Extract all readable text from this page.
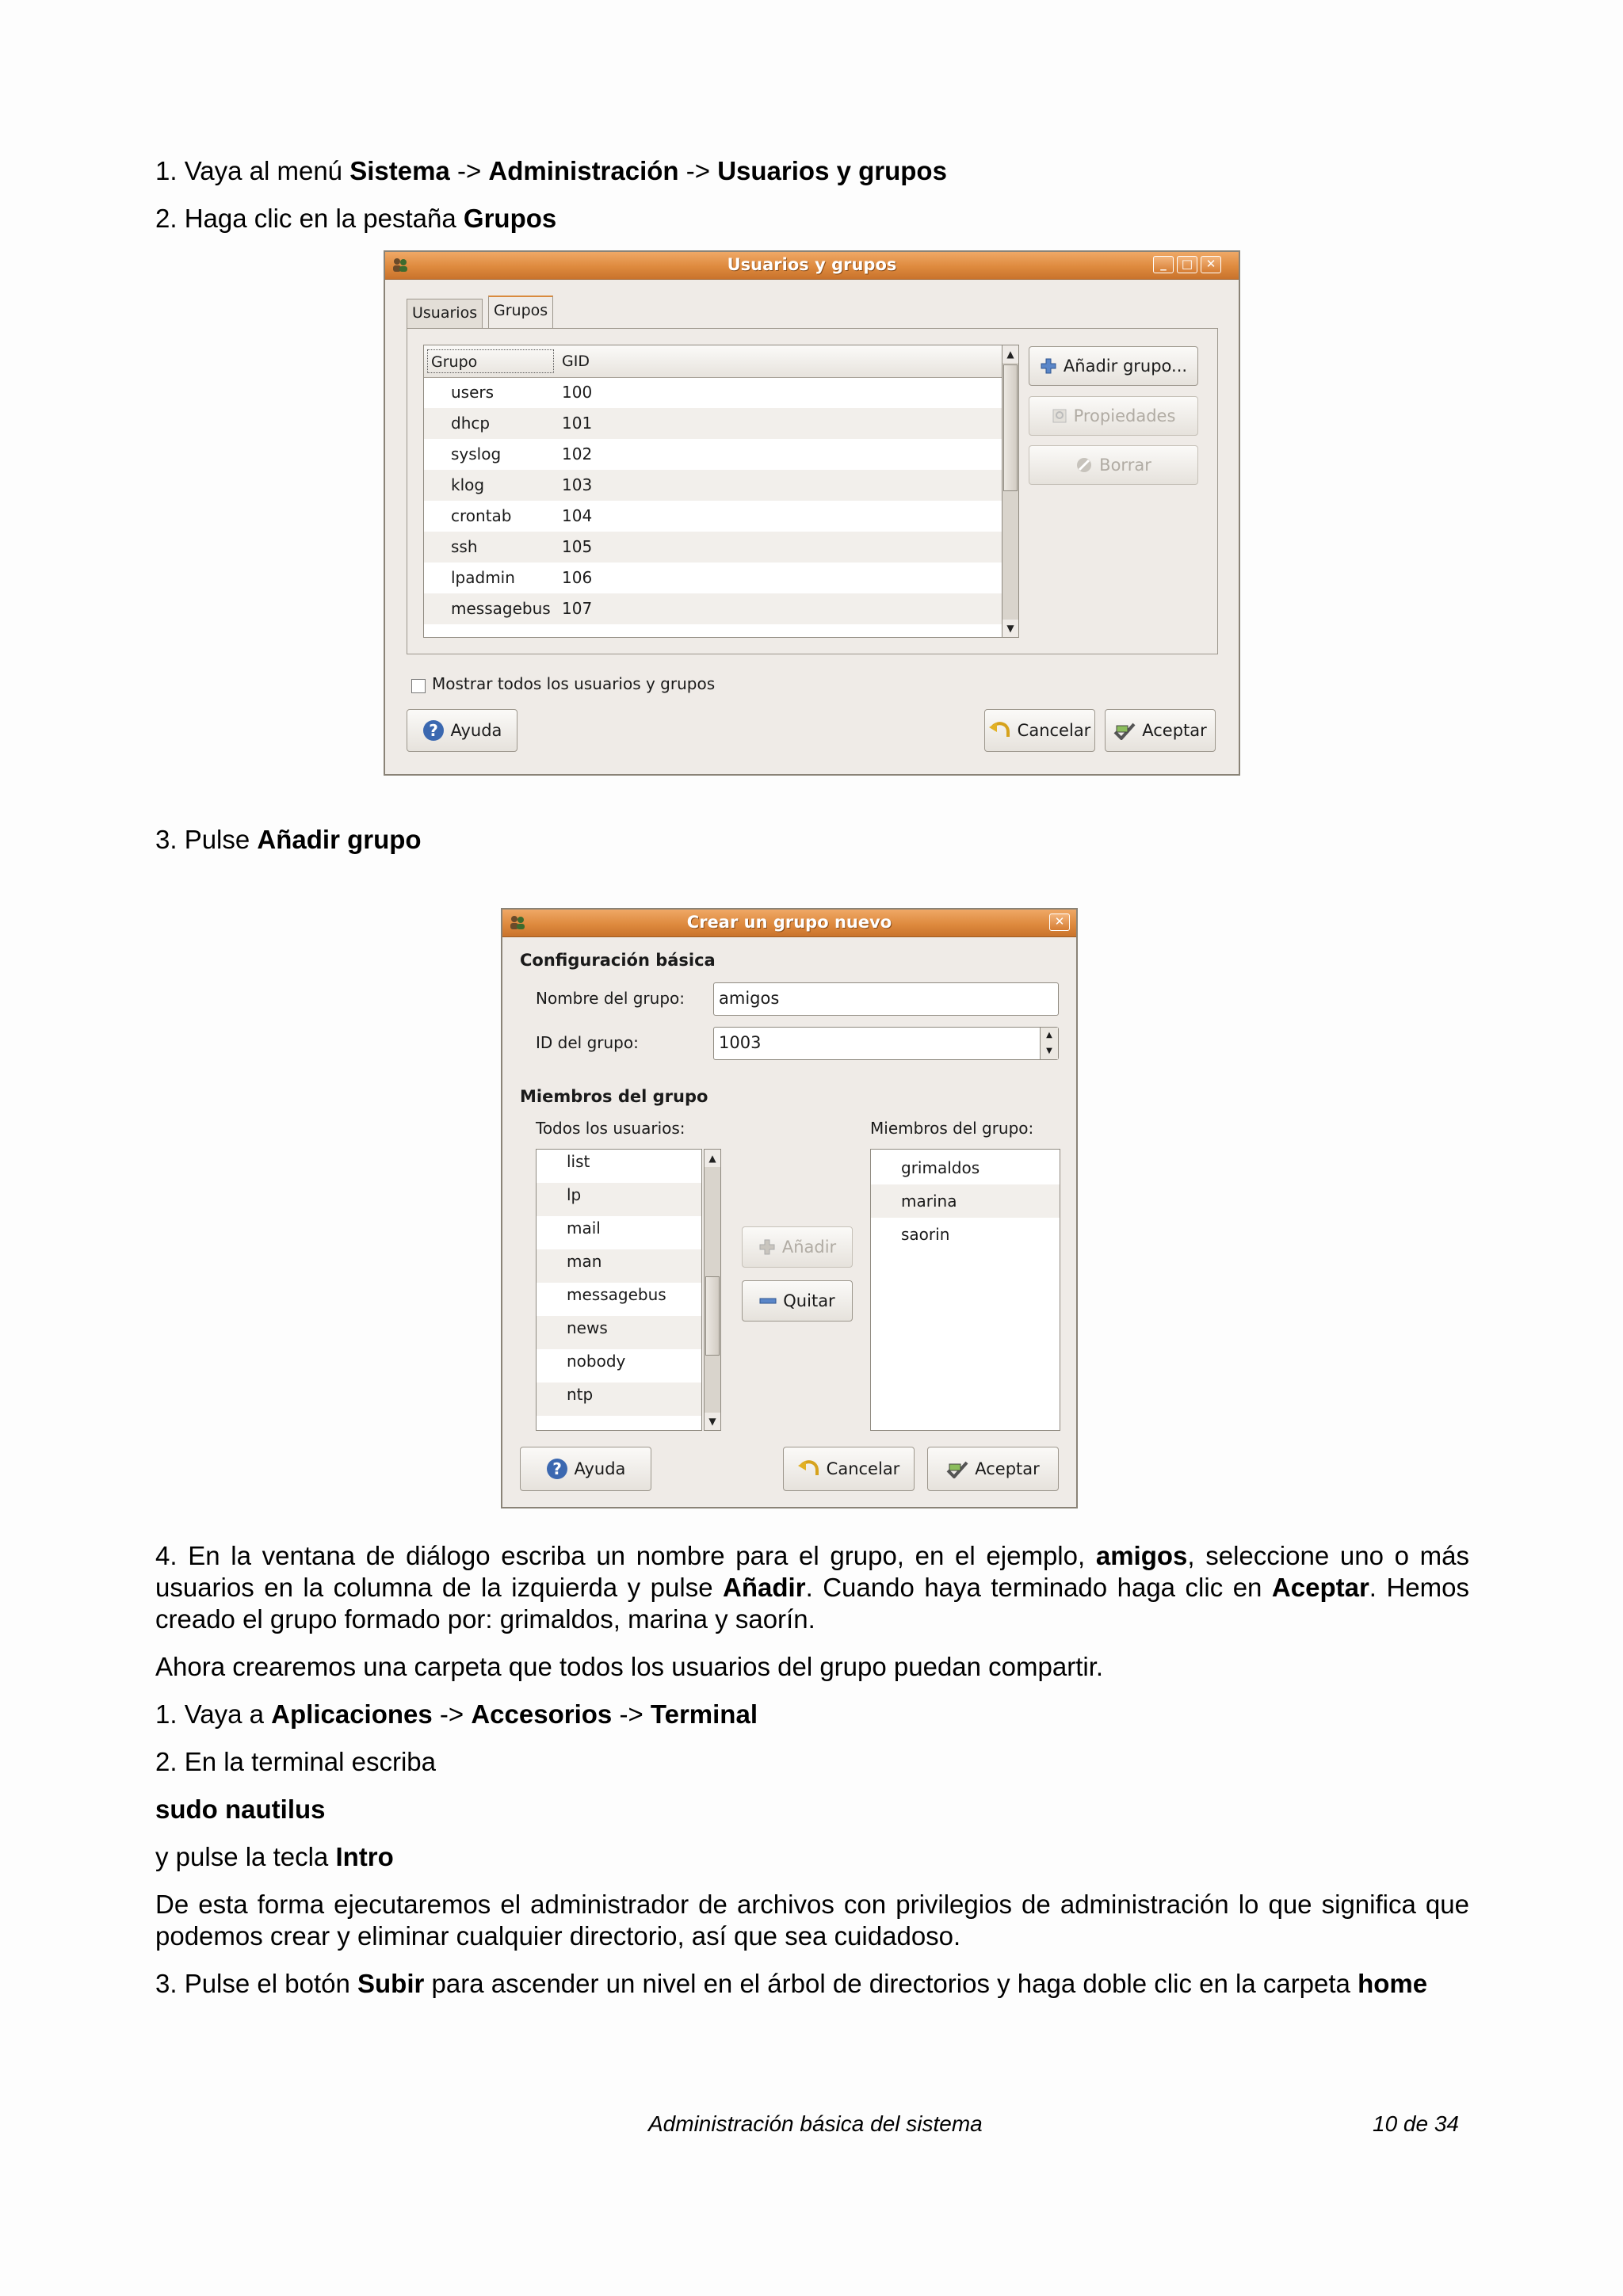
1. Vaya al menú Sistema -> Administración -> Usuarios y grupos
2. Haga clic en la pestaña Grupos
Usuarios y grupos	_	□	✕
Usuarios	Grupos
Grupo	GID
users	100
dhcp	101
syslog	102
klog	103
crontab	104
ssh	105
lpadmin	106
messagebus 107
▲
▼
Añadir grupo...
Propiedades
Borrar
Mostrar todos los usuarios y grupos
? Ayuda	Cancelar	Aceptar
3. Pulse Añadir grupo
Crear un grupo nuevo	✕
Configuración básica
Nombre del grupo:	amigos
ID del grupo:	1003	▲
▼
Miembros del grupo
Todos los usuarios:	Miembros del grupo:
list
lp
mail
man
messagebus
news
nobody
ntp
▲
▼
Añadir
Quitar
grimaldos
marina
saorin
? Ayuda	Cancelar	Aceptar
4. En la ventana de diálogo escriba un nombre para el grupo, en el ejemplo, amigos, seleccione uno o más usuarios en la columna de la izquierda y pulse Añadir. Cuando haya terminado haga clic en Aceptar. Hemos creado el grupo formado por: grimaldos, marina y saorín.
Ahora crearemos una carpeta que todos los usuarios del grupo puedan compartir.
1. Vaya a Aplicaciones -> Accesorios -> Terminal
2. En la terminal escriba
sudo nautilus
y pulse la tecla Intro
De esta forma ejecutaremos el administrador de archivos con privilegios de administración lo que significa que podemos crear y eliminar cualquier directorio, así que sea cuidadoso.
3. Pulse el botón Subir para ascender un nivel en el árbol de directorios y haga doble clic en la carpeta home
Administración básica del sistema	10 de 34
